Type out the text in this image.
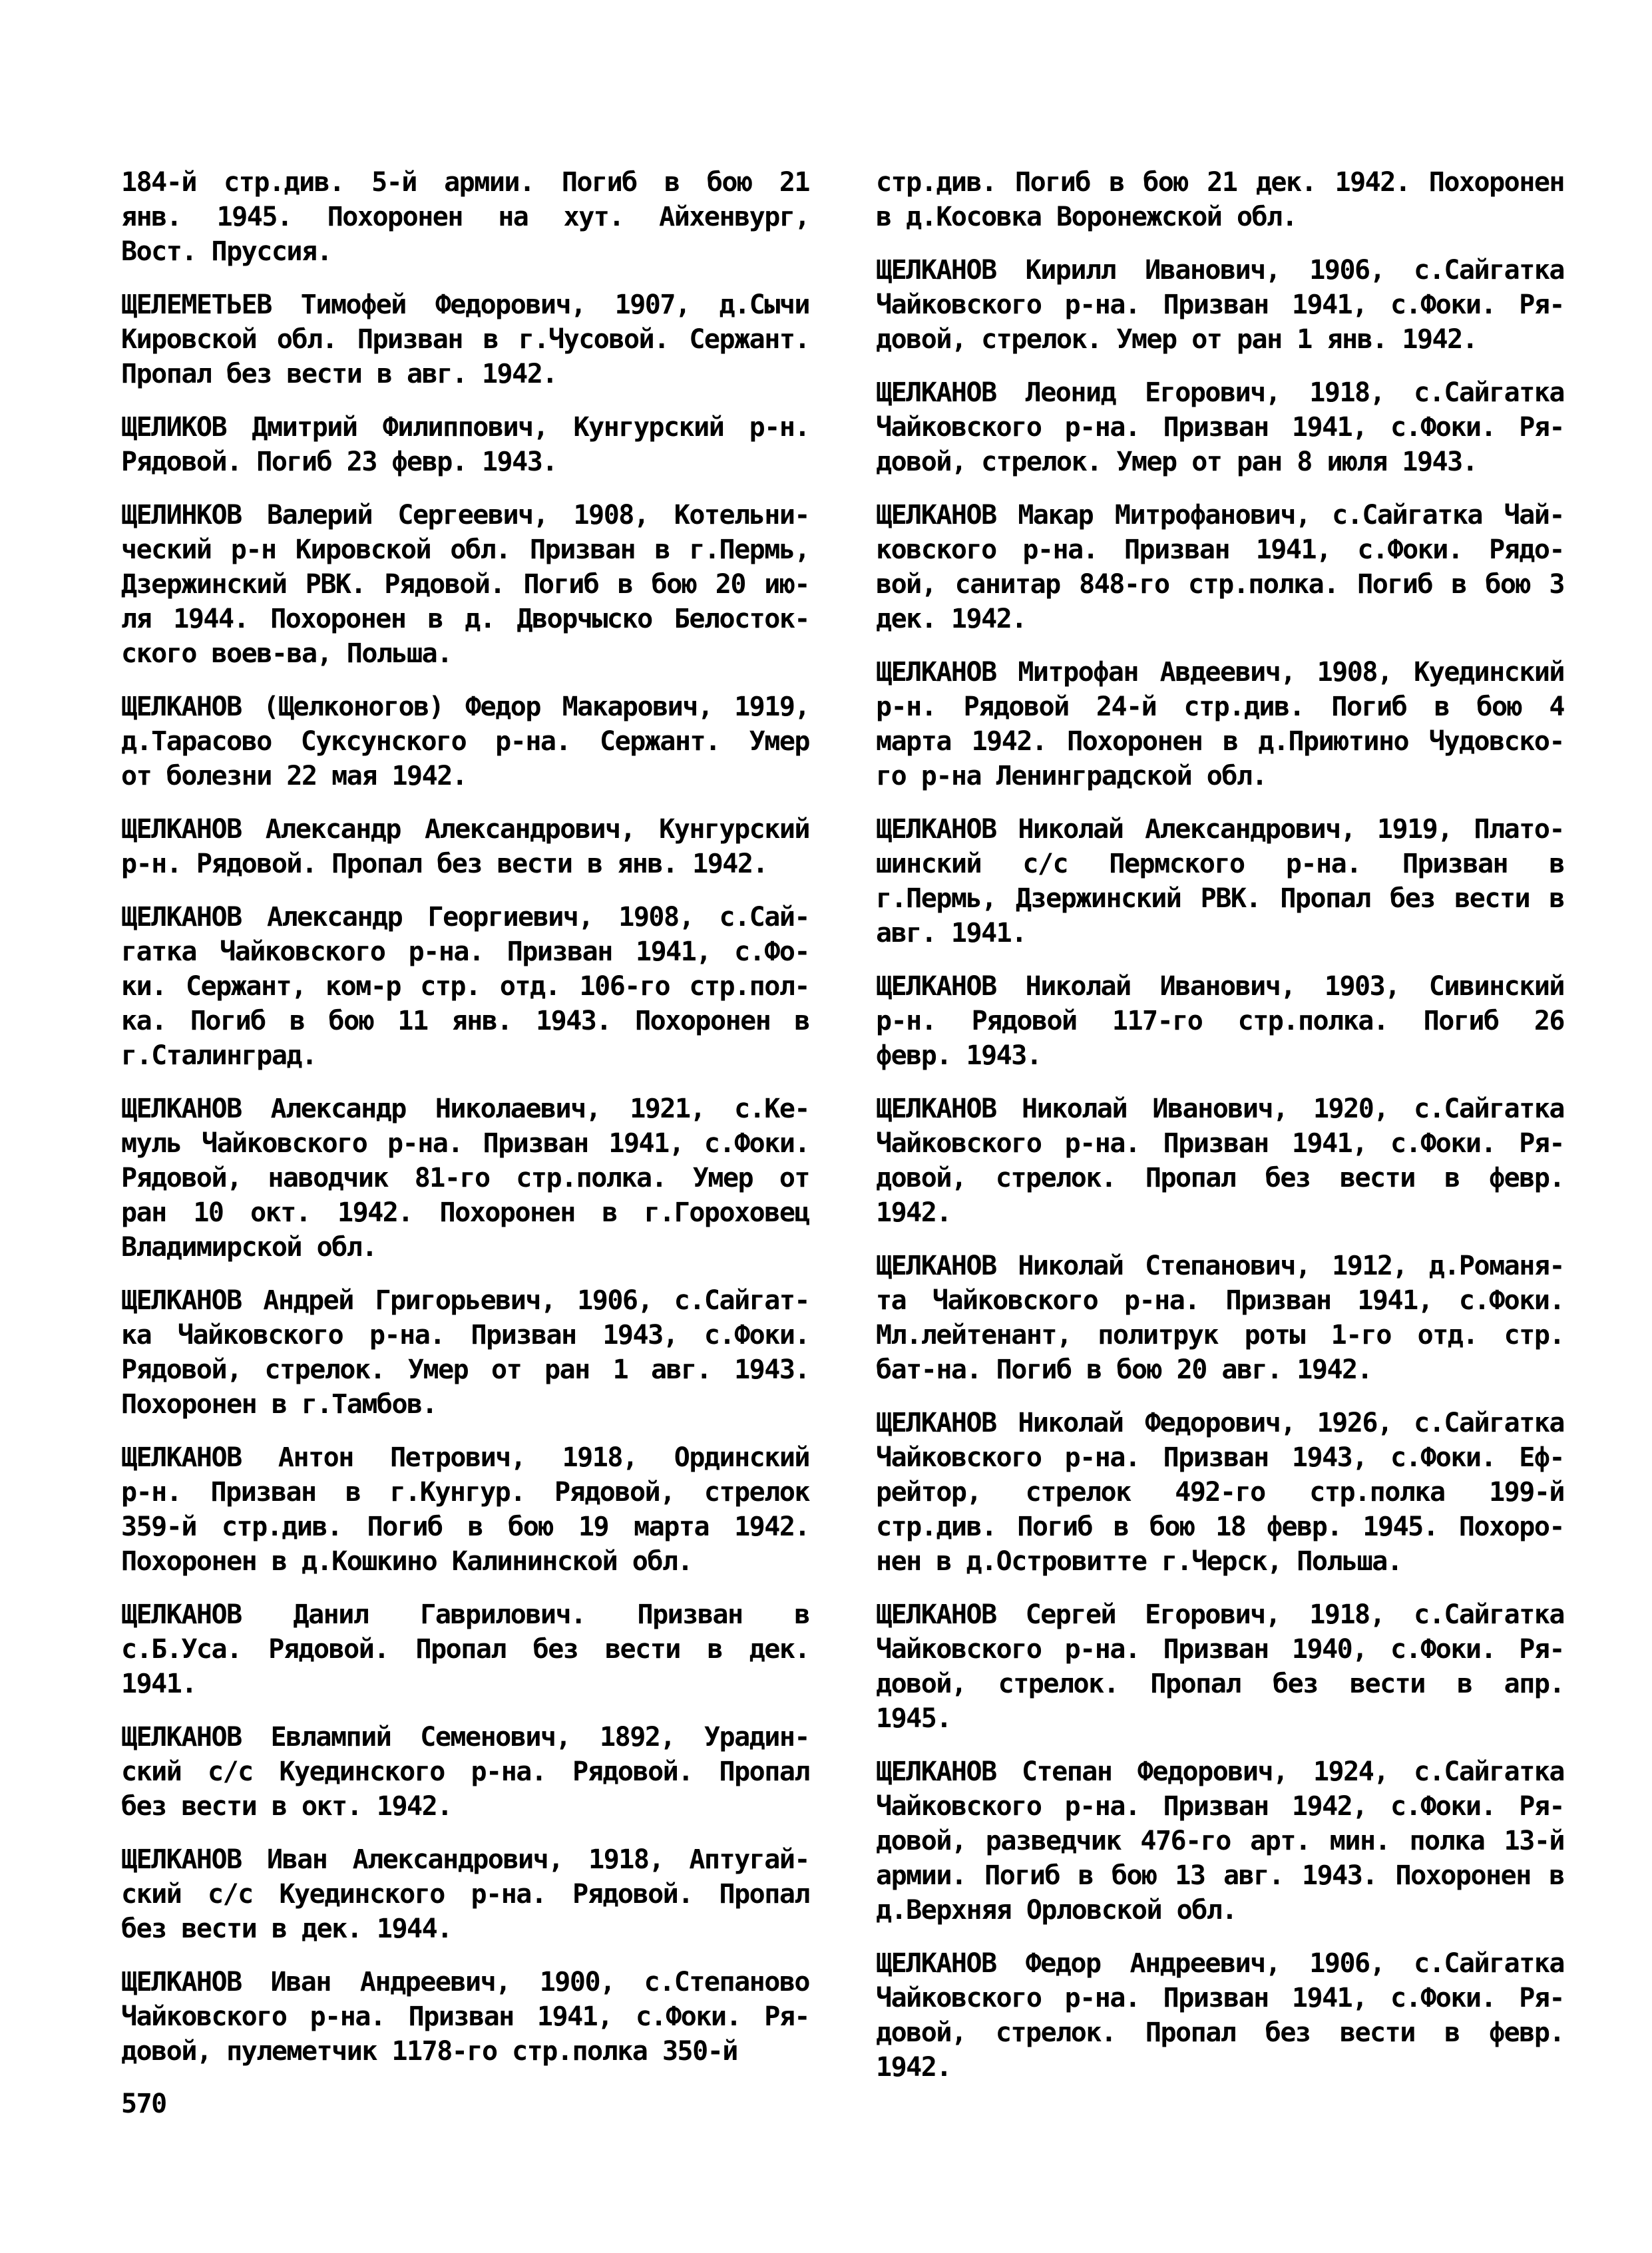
184-й стр.див. 5-й армии. Погиб в бою 21
янв. 1945. Похоронен на хут. Айхенвург,
Вост. Пруссия.
ЩЕЛЕМЕТЬЕВ Тимофей Федорович, 1907, д.Сычи
Кировской обл. Призван в г.Чусовой. Сержант.
Пропал без вести в авг. 1942.
ЩЕЛИКОВ Дмитрий Филиппович, Кунгурский р-н.
Рядовой. Погиб 23 февр. 1943.
ЩЕЛИНКОВ Валерий Сергеевич, 1908, Котельни-
ческий р-н Кировской обл. Призван в г.Пермь,
Дзержинский РВК. Рядовой. Погиб в бою 20 ию-
ля 1944. Похоронен в д. Дворчыско Белосток-
ского воев-ва, Польша.
ЩЕЛКАНОВ (Щелконогов) Федор Макарович, 1919,
д.Тарасово Суксунского р-на. Сержант. Умер
от болезни 22 мая 1942.
ЩЕЛКАНОВ Александр Александрович, Кунгурский
р-н. Рядовой. Пропал без вести в янв. 1942.
ЩЕЛКАНОВ Александр Георгиевич, 1908, с.Сай-
гатка Чайковского р-на. Призван 1941, с.Фо-
ки. Сержант, ком-р стр. отд. 106-го стр.пол-
ка. Погиб в бою 11 янв. 1943. Похоронен в
г.Сталинград.
ЩЕЛКАНОВ Александр Николаевич, 1921, с.Ке-
муль Чайковского р-на. Призван 1941, с.Фоки.
Рядовой, наводчик 81-го стр.полка. Умер от
ран 10 окт. 1942. Похоронен в г.Гороховец
Владимирской обл.
ЩЕЛКАНОВ Андрей Григорьевич, 1906, с.Сайгат-
ка Чайковского р-на. Призван 1943, с.Фоки.
Рядовой, стрелок. Умер от ран 1 авг. 1943.
Похоронен в г.Тамбов.
ЩЕЛКАНОВ Антон Петрович, 1918, Ординский
р-н. Призван в г.Кунгур. Рядовой, стрелок
359-й стр.див. Погиб в бою 19 марта 1942.
Похоронен в д.Кошкино Калининской обл.
ЩЕЛКАНОВ Данил Гаврилович. Призван в
с.Б.Уса. Рядовой. Пропал без вести в дек.
1941.
ЩЕЛКАНОВ Евлампий Семенович, 1892, Урадин-
ский с/с Куединского р-на. Рядовой. Пропал
без вести в окт. 1942.
ЩЕЛКАНОВ Иван Александрович, 1918, Аптугай-
ский с/с Куединского р-на. Рядовой. Пропал
без вести в дек. 1944.
ЩЕЛКАНОВ Иван Андреевич, 1900, с.Степаново
Чайковского р-на. Призван 1941, с.Фоки. Ря-
довой, пулеметчик 1178-го стр.полка 350-й
стр.див. Погиб в бою 21 дек. 1942. Похоронен
в д.Косовка Воронежской обл.
ЩЕЛКАНОВ Кирилл Иванович, 1906, с.Сайгатка
Чайковского р-на. Призван 1941, с.Фоки. Ря-
довой, стрелок. Умер от ран 1 янв. 1942.
ЩЕЛКАНОВ Леонид Егорович, 1918, с.Сайгатка
Чайковского р-на. Призван 1941, с.Фоки. Ря-
довой, стрелок. Умер от ран 8 июля 1943.
ЩЕЛКАНОВ Макар Митрофанович, с.Сайгатка Чай-
ковского р-на. Призван 1941, с.Фоки. Рядо-
вой, санитар 848-го стр.полка. Погиб в бою 3
дек. 1942.
ЩЕЛКАНОВ Митрофан Авдеевич, 1908, Куединский
р-н. Рядовой 24-й стр.див. Погиб в бою 4
марта 1942. Похоронен в д.Приютино Чудовско-
го р-на Ленинградской обл.
ЩЕЛКАНОВ Николай Александрович, 1919, Плато-
шинский с/с Пермского р-на. Призван в
г.Пермь, Дзержинский РВК. Пропал без вести в
авг. 1941.
ЩЕЛКАНОВ Николай Иванович, 1903, Сивинский
р-н. Рядовой 117-го стр.полка. Погиб 26
февр. 1943.
ЩЕЛКАНОВ Николай Иванович, 1920, с.Сайгатка
Чайковского р-на. Призван 1941, с.Фоки. Ря-
довой, стрелок. Пропал без вести в февр.
1942.
ЩЕЛКАНОВ Николай Степанович, 1912, д.Романя-
та Чайковского р-на. Призван 1941, с.Фоки.
Мл.лейтенант, политрук роты 1-го отд. стр.
бат-на. Погиб в бою 20 авг. 1942.
ЩЕЛКАНОВ Николай Федорович, 1926, с.Сайгатка
Чайковского р-на. Призван 1943, с.Фоки. Еф-
рейтор, стрелок 492-го стр.полка 199-й
стр.див. Погиб в бою 18 февр. 1945. Похоро-
нен в д.Островитте г.Черск, Польша.
ЩЕЛКАНОВ Сергей Егорович, 1918, с.Сайгатка
Чайковского р-на. Призван 1940, с.Фоки. Ря-
довой, стрелок. Пропал без вести в апр.
1945.
ЩЕЛКАНОВ Степан Федорович, 1924, с.Сайгатка
Чайковского р-на. Призван 1942, с.Фоки. Ря-
довой, разведчик 476-го арт. мин. полка 13-й
армии. Погиб в бою 13 авг. 1943. Похоронен в
д.Верхняя Орловской обл.
ЩЕЛКАНОВ Федор Андреевич, 1906, с.Сайгатка
Чайковского р-на. Призван 1941, с.Фоки. Ря-
довой, стрелок. Пропал без вести в февр.
1942.
570
